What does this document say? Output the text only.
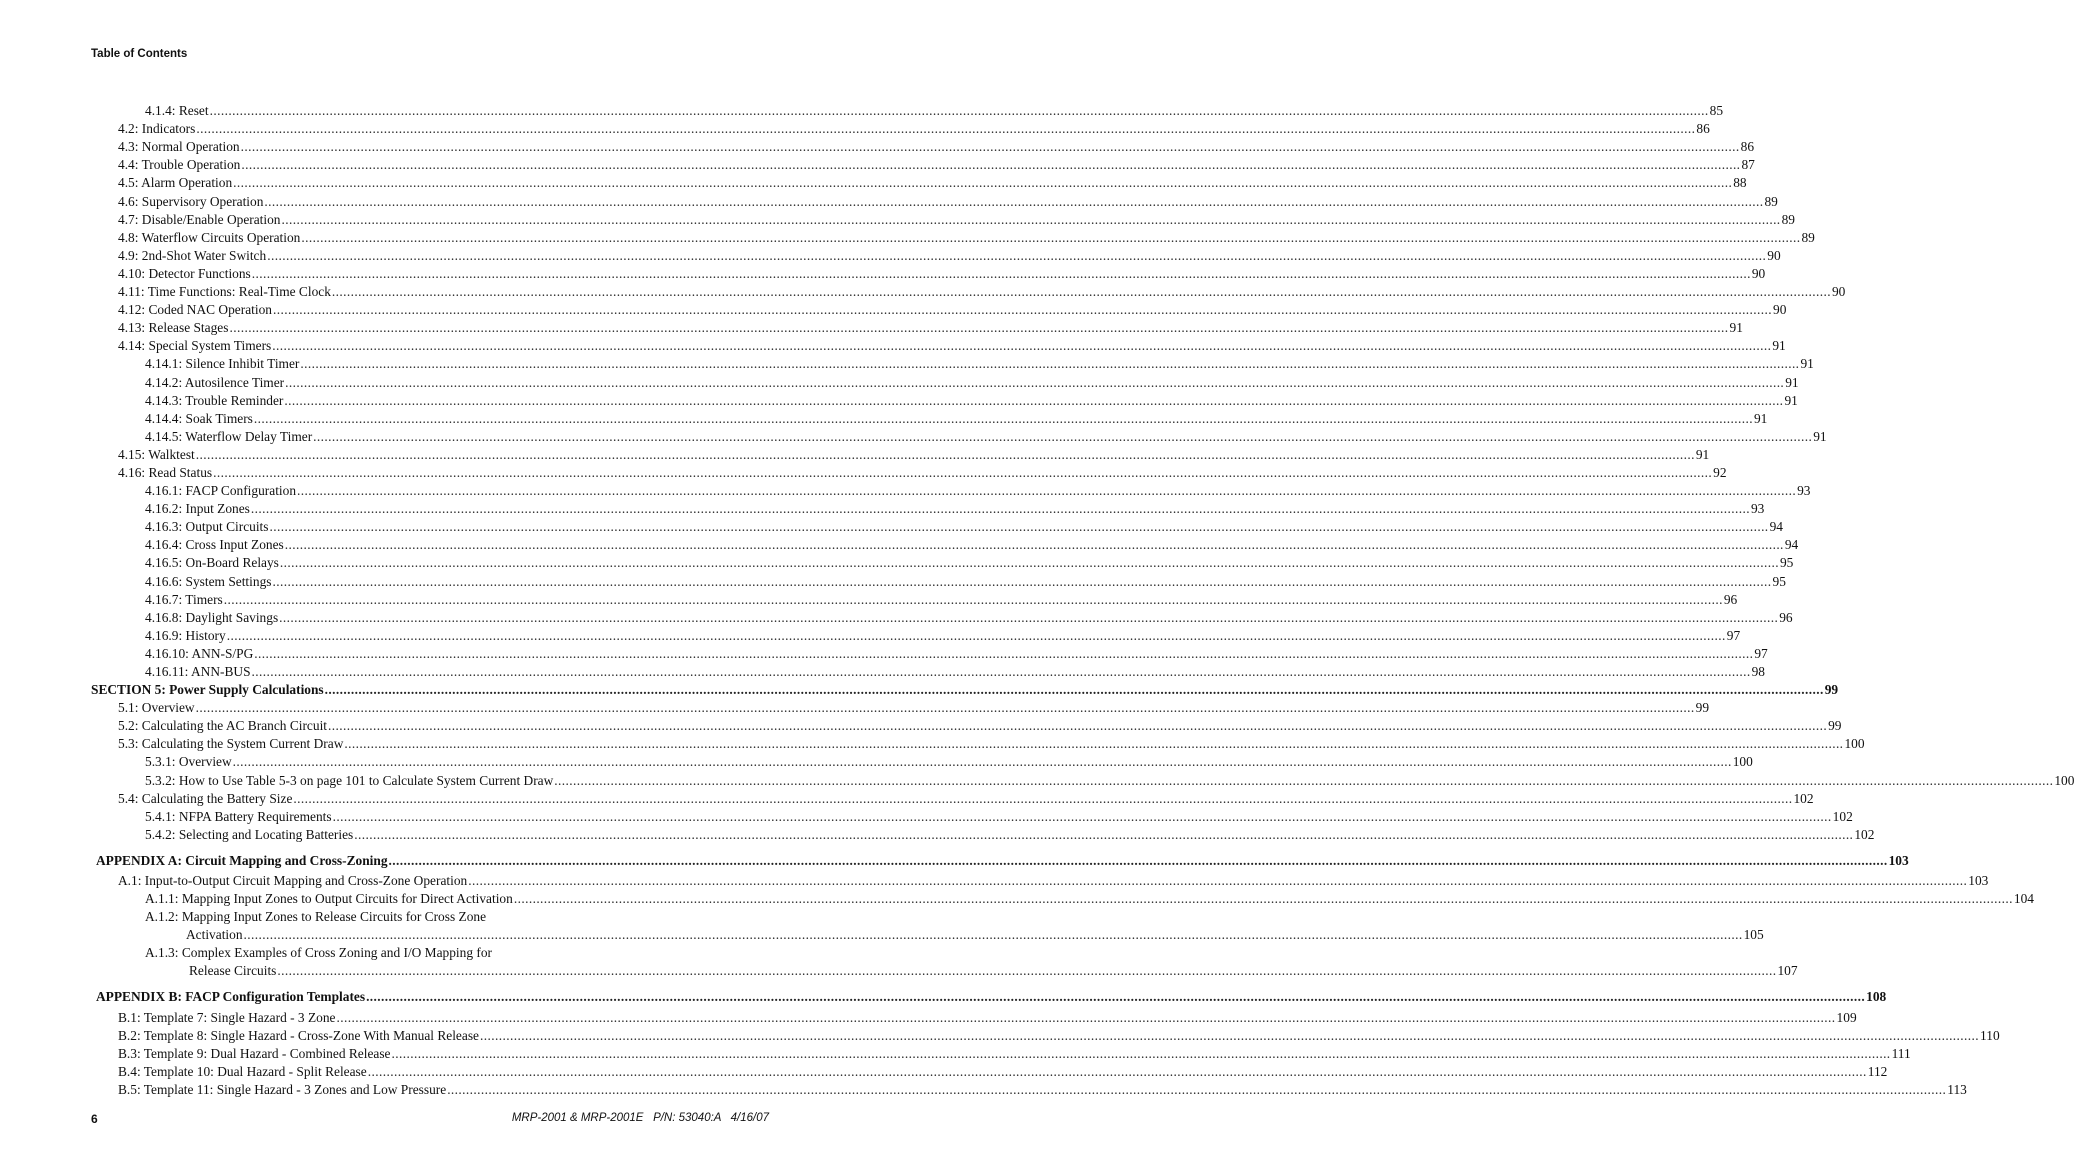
Table of Contents
4.1.4: Reset ................................................................................................................................................................................................................................................................................................................................................................................................................ 85
4.2: Indicators ................................................................................................................................................................................................................................................................................................................................................................................................................ 86
4.3: Normal Operation ................................................................................................................................................................................................................................................................................................................................................................................................................ 86
4.4: Trouble Operation ................................................................................................................................................................................................................................................................................................................................................................................................................ 87
4.5: Alarm Operation ................................................................................................................................................................................................................................................................................................................................................................................................................ 88
4.6: Supervisory Operation ................................................................................................................................................................................................................................................................................................................................................................................................................ 89
4.7: Disable/Enable Operation ................................................................................................................................................................................................................................................................................................................................................................................................................ 89
4.8: Waterflow Circuits Operation ................................................................................................................................................................................................................................................................................................................................................................................................................ 89
4.9: 2nd-Shot Water Switch ................................................................................................................................................................................................................................................................................................................................................................................................................ 90
4.10: Detector Functions ................................................................................................................................................................................................................................................................................................................................................................................................................ 90
4.11: Time Functions: Real-Time Clock ................................................................................................................................................................................................................................................................................................................................................................................................................ 90
4.12: Coded NAC Operation ................................................................................................................................................................................................................................................................................................................................................................................................................ 90
4.13: Release Stages ................................................................................................................................................................................................................................................................................................................................................................................................................ 91
4.14: Special System Timers ................................................................................................................................................................................................................................................................................................................................................................................................................ 91
4.14.1: Silence Inhibit Timer ................................................................................................................................................................................................................................................................................................................................................................................................................ 91
4.14.2: Autosilence Timer ................................................................................................................................................................................................................................................................................................................................................................................................................ 91
4.14.3: Trouble Reminder ................................................................................................................................................................................................................................................................................................................................................................................................................ 91
4.14.4: Soak Timers ................................................................................................................................................................................................................................................................................................................................................................................................................ 91
4.14.5: Waterflow Delay Timer ................................................................................................................................................................................................................................................................................................................................................................................................................ 91
4.15: Walktest ................................................................................................................................................................................................................................................................................................................................................................................................................ 91
4.16: Read Status ................................................................................................................................................................................................................................................................................................................................................................................................................ 92
4.16.1: FACP Configuration ................................................................................................................................................................................................................................................................................................................................................................................................................ 93
4.16.2: Input Zones ................................................................................................................................................................................................................................................................................................................................................................................................................ 93
4.16.3: Output Circuits ................................................................................................................................................................................................................................................................................................................................................................................................................ 94
4.16.4: Cross Input Zones ................................................................................................................................................................................................................................................................................................................................................................................................................ 94
4.16.5: On-Board Relays ................................................................................................................................................................................................................................................................................................................................................................................................................ 95
4.16.6: System Settings ................................................................................................................................................................................................................................................................................................................................................................................................................ 95
4.16.7: Timers ................................................................................................................................................................................................................................................................................................................................................................................................................ 96
4.16.8: Daylight Savings ................................................................................................................................................................................................................................................................................................................................................................................................................ 96
4.16.9: History ................................................................................................................................................................................................................................................................................................................................................................................................................ 97
4.16.10: ANN-S/PG ................................................................................................................................................................................................................................................................................................................................................................................................................ 97
4.16.11: ANN-BUS ................................................................................................................................................................................................................................................................................................................................................................................................................ 98
SECTION 5: Power Supply Calculations ................................................................................................................................................................................................................................................................................................................................................................................................................ 99
5.1: Overview ................................................................................................................................................................................................................................................................................................................................................................................................................ 99
5.2: Calculating the AC Branch Circuit ................................................................................................................................................................................................................................................................................................................................................................................................................ 99
5.3: Calculating the System Current Draw ................................................................................................................................................................................................................................................................................................................................................................................................................ 100
5.3.1: Overview ................................................................................................................................................................................................................................................................................................................................................................................................................ 100
5.3.2: How to Use Table 5-3 on page 101 to Calculate System Current Draw ................................................................................................................................................................................................................................................................................................................................................................................................................ 100
5.4: Calculating the Battery Size ................................................................................................................................................................................................................................................................................................................................................................................................................ 102
5.4.1: NFPA Battery Requirements ................................................................................................................................................................................................................................................................................................................................................................................................................ 102
5.4.2: Selecting and Locating Batteries ................................................................................................................................................................................................................................................................................................................................................................................................................ 102
APPENDIX A: Circuit Mapping and Cross-Zoning ................................................................................................................................................................................................................................................................................................................................................................................................................ 103
A.1: Input-to-Output Circuit Mapping and Cross-Zone Operation ................................................................................................................................................................................................................................................................................................................................................................................................................ 103
A.1.1: Mapping Input Zones to Output Circuits for Direct Activation ................................................................................................................................................................................................................................................................................................................................................................................................................ 104
A.1.2: Mapping Input Zones to Release Circuits for Cross Zone
Activation ................................................................................................................................................................................................................................................................................................................................................................................................................ 105
A.1.3: Complex Examples of Cross Zoning and I/O Mapping for
Release Circuits ................................................................................................................................................................................................................................................................................................................................................................................................................ 107
APPENDIX B: FACP Configuration Templates ................................................................................................................................................................................................................................................................................................................................................................................................................ 108
B.1: Template 7: Single Hazard - 3 Zone ................................................................................................................................................................................................................................................................................................................................................................................................................ 109
B.2: Template 8: Single Hazard - Cross-Zone With Manual Release ................................................................................................................................................................................................................................................................................................................................................................................................................ 110
B.3: Template 9: Dual Hazard - Combined Release ................................................................................................................................................................................................................................................................................................................................................................................................................ 111
B.4: Template 10: Dual Hazard - Split Release ................................................................................................................................................................................................................................................................................................................................................................................................................ 112
B.5: Template 11: Single Hazard - 3 Zones and Low Pressure ................................................................................................................................................................................................................................................................................................................................................................................................................ 113
6	MRP-2001 & MRP-2001E   P/N: 53040:A   4/16/07
